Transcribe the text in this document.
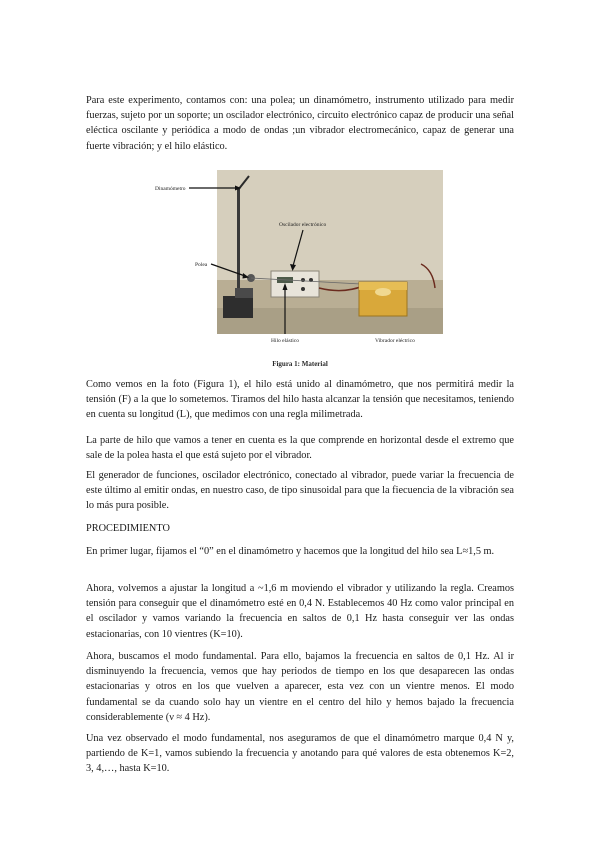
Para este experimento, contamos con: una polea; un dinamómetro, instrumento utilizado para medir fuerzas, sujeto por un soporte; un oscilador electrónico, circuito electrónico capaz de producir una señal eléctica oscilante y periódica a modo de ondas ;un vibrador electromecánico, capaz de generar una fuerte vibración; y el hilo elástico.

Dinamómetro
Oscilador electrónico
Polea
Hilo elástico	Vibrador eléctrico
Figura 1: Material

Como vemos en la foto (Figura 1), el hilo está unido al dinamómetro, que nos permitirá medir la tensión (F) a la que lo sometemos. Tiramos del hilo hasta alcanzar la tensión que necesitamos, teniendo en cuenta su longitud (L), que medimos con una regla milimetrada.

La parte de hilo que vamos a tener en cuenta es la que comprende en horizontal desde el extremo que sale de la polea hasta el que está sujeto por el vibrador.

El generador de funciones, oscilador electrónico, conectado al vibrador, puede variar la frecuencia de este último al emitir ondas, en nuestro caso, de tipo sinusoidal para que la fiecuencia de la vibración sea lo más pura posible.

PROCEDIMIENTO

En primer lugar, fijamos el “0” en el dinamómetro y hacemos que la longitud del hilo sea L≈1,5 m.

Ahora, volvemos a ajustar la longitud a ~1,6 m moviendo el vibrador y utilizando la regla. Creamos tensión para conseguir que el dinamómetro esté en 0,4 N. Establecemos 40 Hz como valor principal en el oscilador y vamos variando la frecuencia en saltos de 0,1 Hz hasta conseguir ver las ondas estacionarias, con 10 vientres (K=10).

Ahora, buscamos el modo fundamental. Para ello, bajamos la frecuencia en saltos de 0,1 Hz. Al ir disminuyendo la frecuencia, vemos que hay periodos de tiempo en los que desaparecen las ondas estacionarias y otros en los que vuelven a aparecer, esta vez con un vientre menos. El modo fundamental se da cuando solo hay un vientre en el centro del hilo y hemos bajado la frecuencia considerablemente (ν ≈ 4 Hz).

Una vez observado el modo fundamental, nos aseguramos de que el dinamómetro marque 0,4 N y, partiendo de K=1, vamos subiendo la frecuencia y anotando para qué valores de esta obtenemos K=2, 3, 4,…, hasta K=10.
